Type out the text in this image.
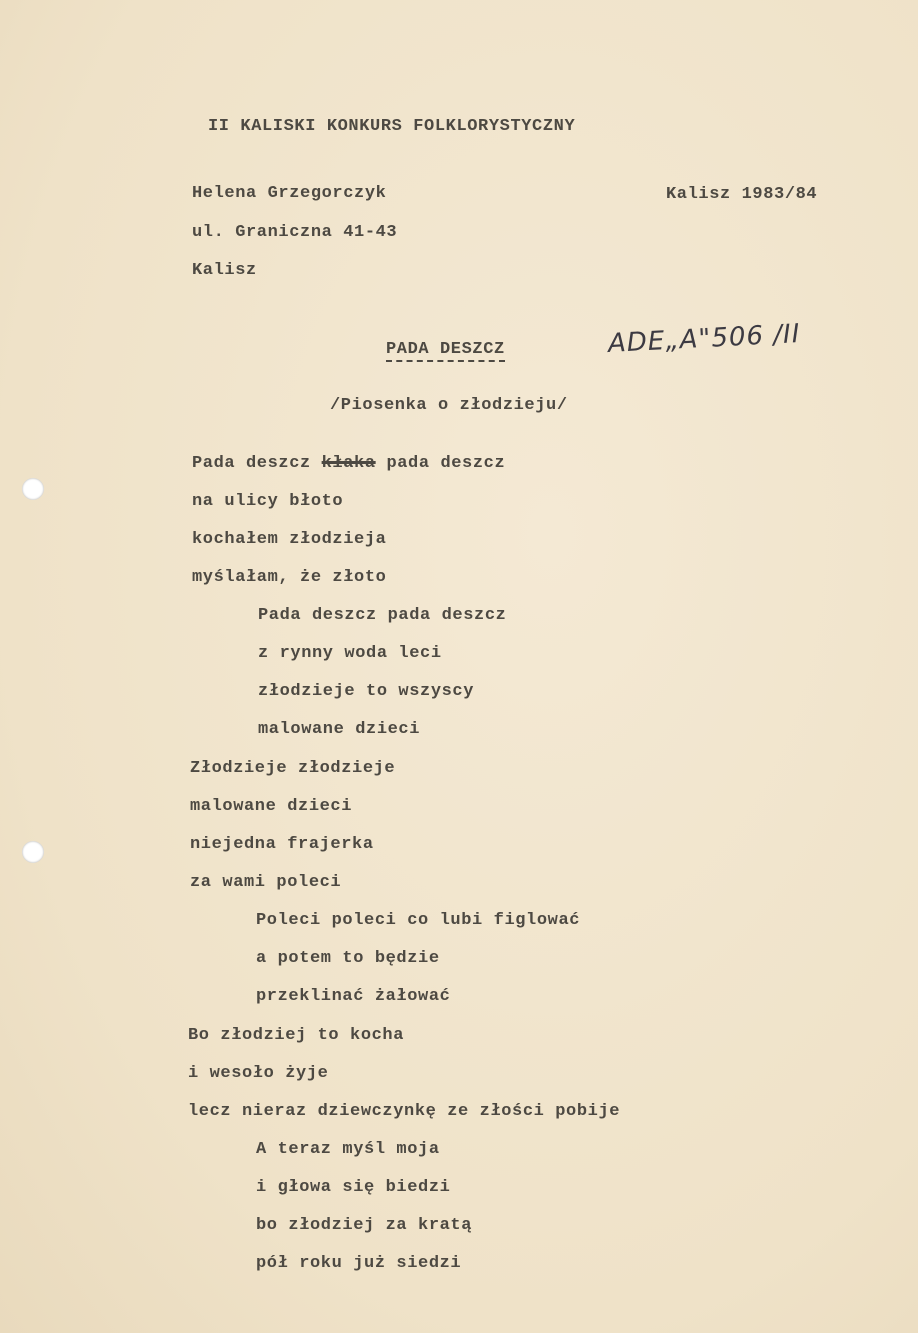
II KALISKI KONKURS FOLKLORYSTYCZNY
Helena Grzegorczyk
ul. Graniczna 41-43
Kalisz
Kalisz 1983/84
ADE„A"506 /II
PADA DESZCZ
/Piosenka o złodzieju/
Pada deszcz kłaka pada deszcz
na ulicy błoto
kochałem złodzieja
myślałam, że złoto
Pada deszcz pada deszcz
z rynny woda leci
złodzieje to wszyscy
malowane dzieci
Złodzieje złodzieje
malowane dzieci
niejedna frajerka
za wami poleci
Poleci poleci co lubi figlować
a potem to będzie
przeklinać żałować
Bo złodziej to kocha
i wesoło żyje
lecz nieraz dziewczynkę ze złości pobije
A teraz myśl moja
i głowa się biedzi
bo złodziej za kratą
pół roku już siedzi
